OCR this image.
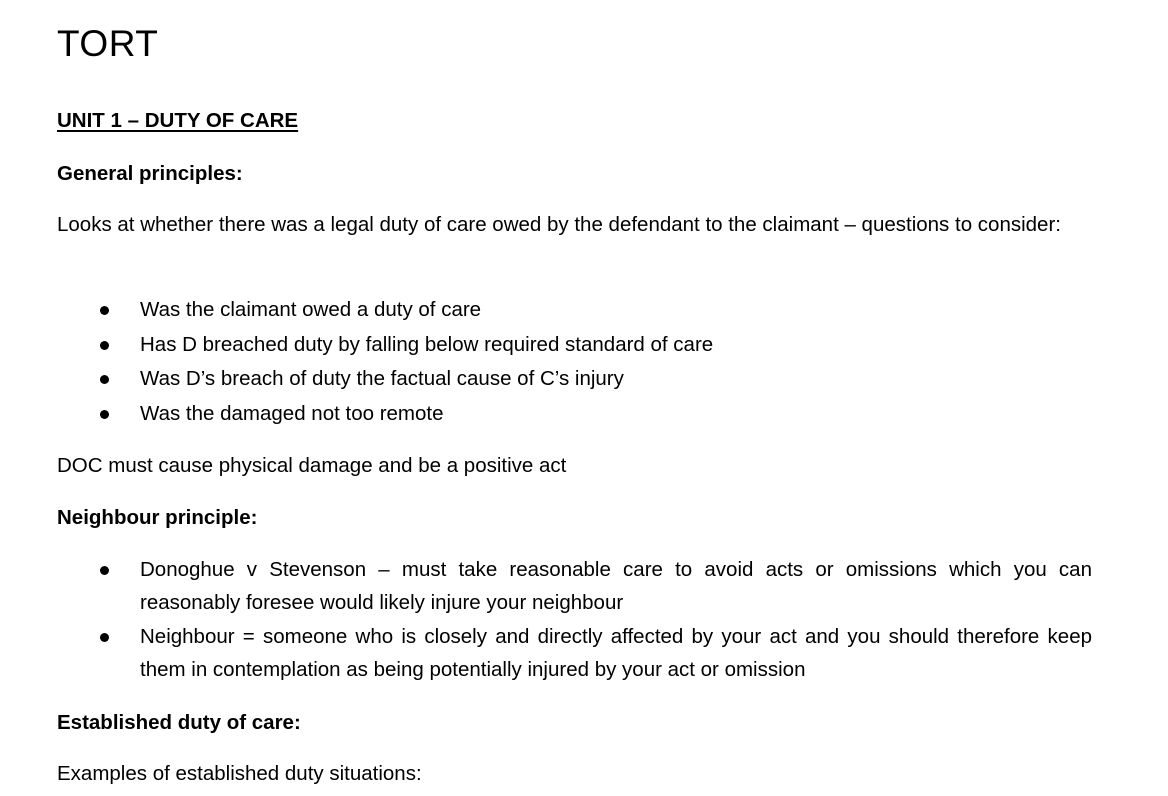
TORT

UNIT 1 – DUTY OF CARE

General principles:

Looks at whether there was a legal duty of care owed by the defendant to the claimant – questions to consider:

Was the claimant owed a duty of care
Has D breached duty by falling below required standard of care
Was D’s breach of duty the factual cause of C’s injury
Was the damaged not too remote

DOC must cause physical damage and be a positive act

Neighbour principle:

Donoghue v Stevenson – must take reasonable care to avoid acts or omissions which you can reasonably foresee would likely injure your neighbour
Neighbour = someone who is closely and directly affected by your act and you should therefore keep them in contemplation as being potentially injured by your act or omission

Established duty of care:

Examples of established duty situations:
